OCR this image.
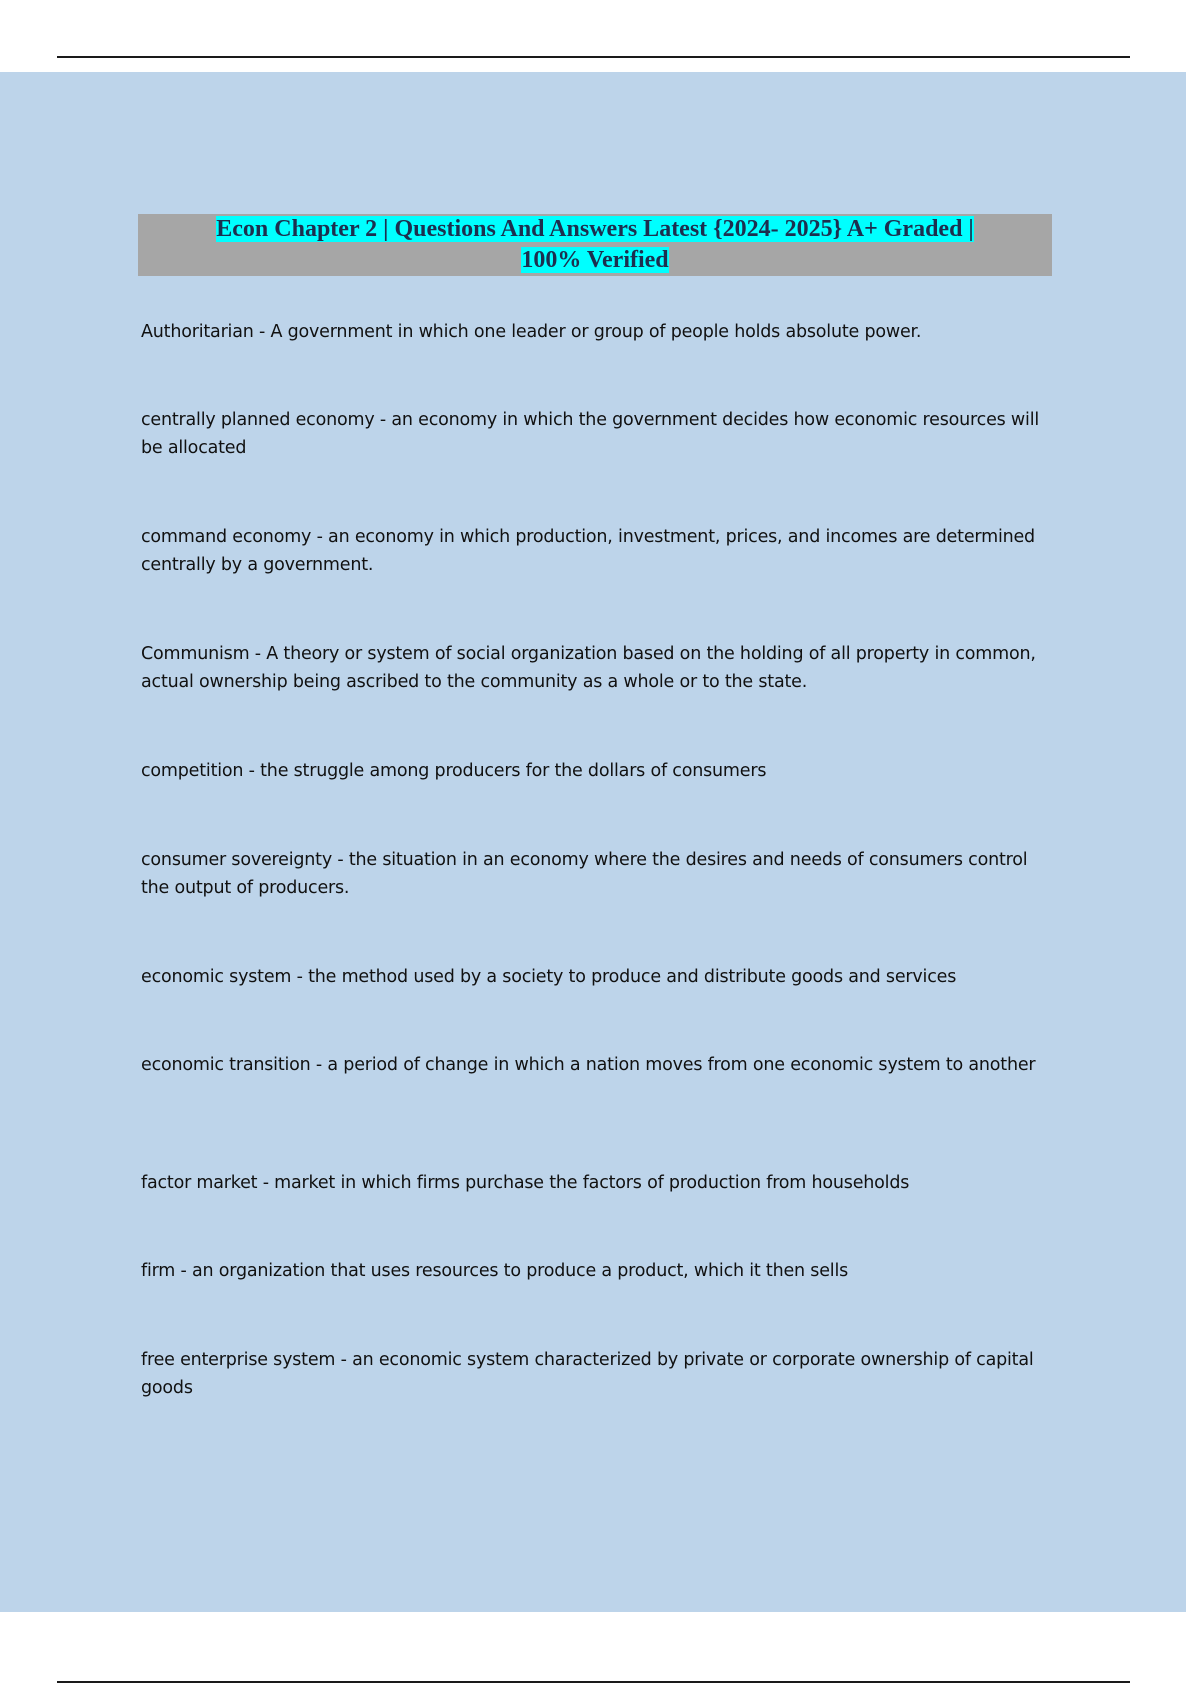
Econ Chapter 2 | Questions And Answers Latest {2024- 2025} A+ Graded |
100% Verified
Authoritarian - A government in which one leader or group of people holds absolute power.
centrally planned economy - an economy in which the government decides how economic resources will be allocated
command economy - an economy in which production, investment, prices, and incomes are determined centrally by a government.
Communism - A theory or system of social organization based on the holding of all property in common, actual ownership being ascribed to the community as a whole or to the state.
competition - the struggle among producers for the dollars of consumers
consumer sovereignty - the situation in an economy where the desires and needs of consumers control the output of producers.
economic system - the method used by a society to produce and distribute goods and services
economic transition - a period of change in which a nation moves from one economic system to another
factor market - market in which firms purchase the factors of production from households
firm - an organization that uses resources to produce a product, which it then sells
free enterprise system - an economic system characterized by private or corporate ownership of capital goods
